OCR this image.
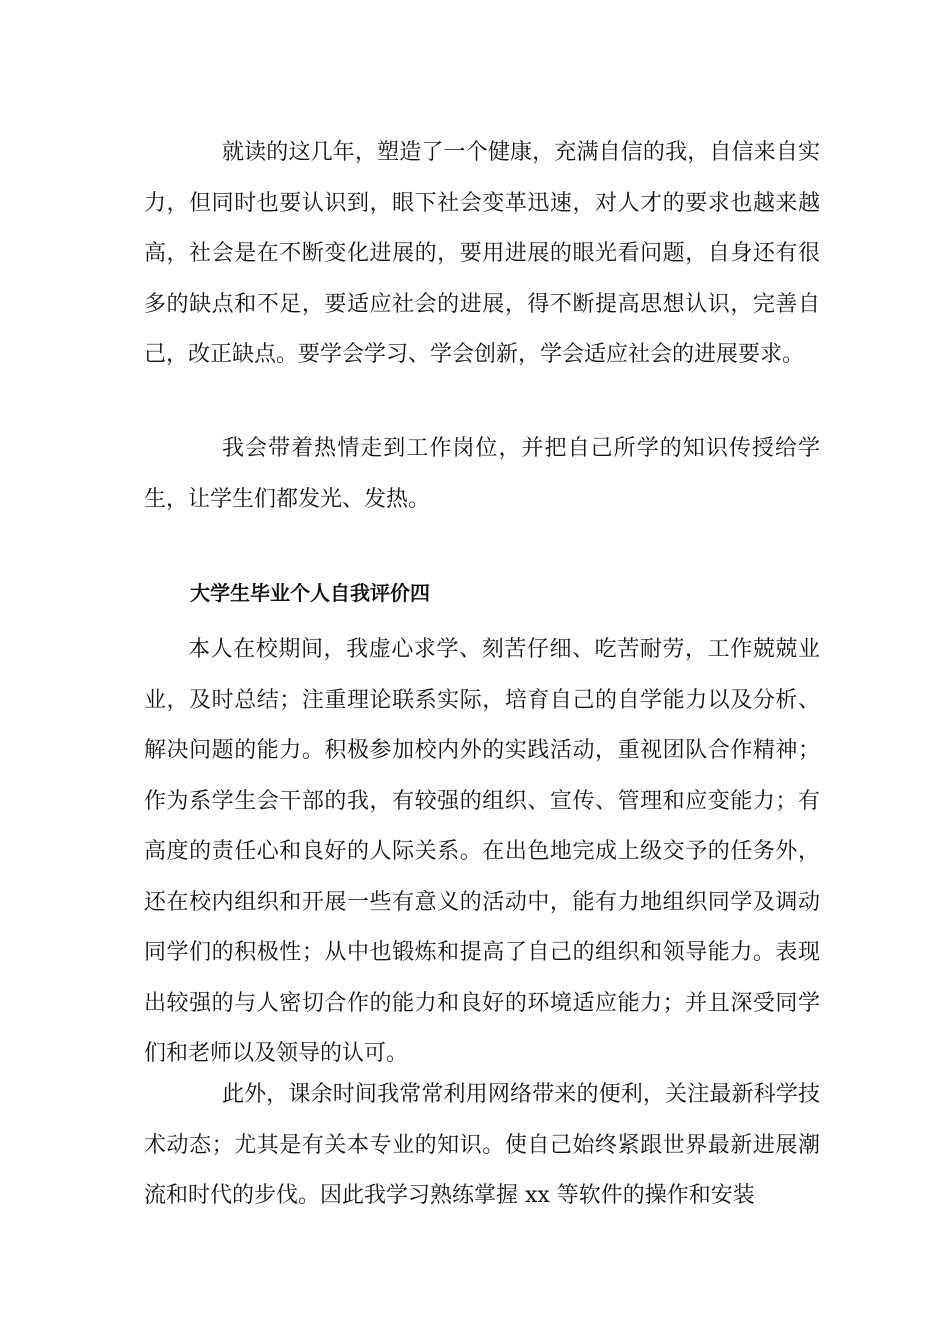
就读的这几年，塑造了一个健康，充满自信的我，自信来自实力，但同时也要认识到，眼下社会变革迅速，对人才的要求也越来越高，社会是在不断变化进展的，要用进展的眼光看问题，自身还有很多的缺点和不足，要适应社会的进展，得不断提高思想认识，完善自己，改正缺点。要学会学习、学会创新，学会适应社会的进展要求。

我会带着热情走到工作岗位，并把自己所学的知识传授给学生，让学生们都发光、发热。

大学生毕业个人自我评价四

本人在校期间，我虚心求学、刻苦仔细、吃苦耐劳，工作兢兢业业，及时总结；注重理论联系实际，培育自己的自学能力以及分析、解决问题的能力。积极参加校内外的实践活动，重视团队合作精神；作为系学生会干部的我，有较强的组织、宣传、管理和应变能力；有高度的责任心和良好的人际关系。在出色地完成上级交予的任务外，还在校内组织和开展一些有意义的活动中，能有力地组织同学及调动同学们的积极性；从中也锻炼和提高了自己的组织和领导能力。表现出较强的与人密切合作的能力和良好的环境适应能力；并且深受同学们和老师以及领导的认可。

此外，课余时间我常常利用网络带来的便利，关注最新科学技术动态；尤其是有关本专业的知识。使自己始终紧跟世界最新进展潮流和时代的步伐。因此我学习熟练掌握 xx 等软件的操作和安装
